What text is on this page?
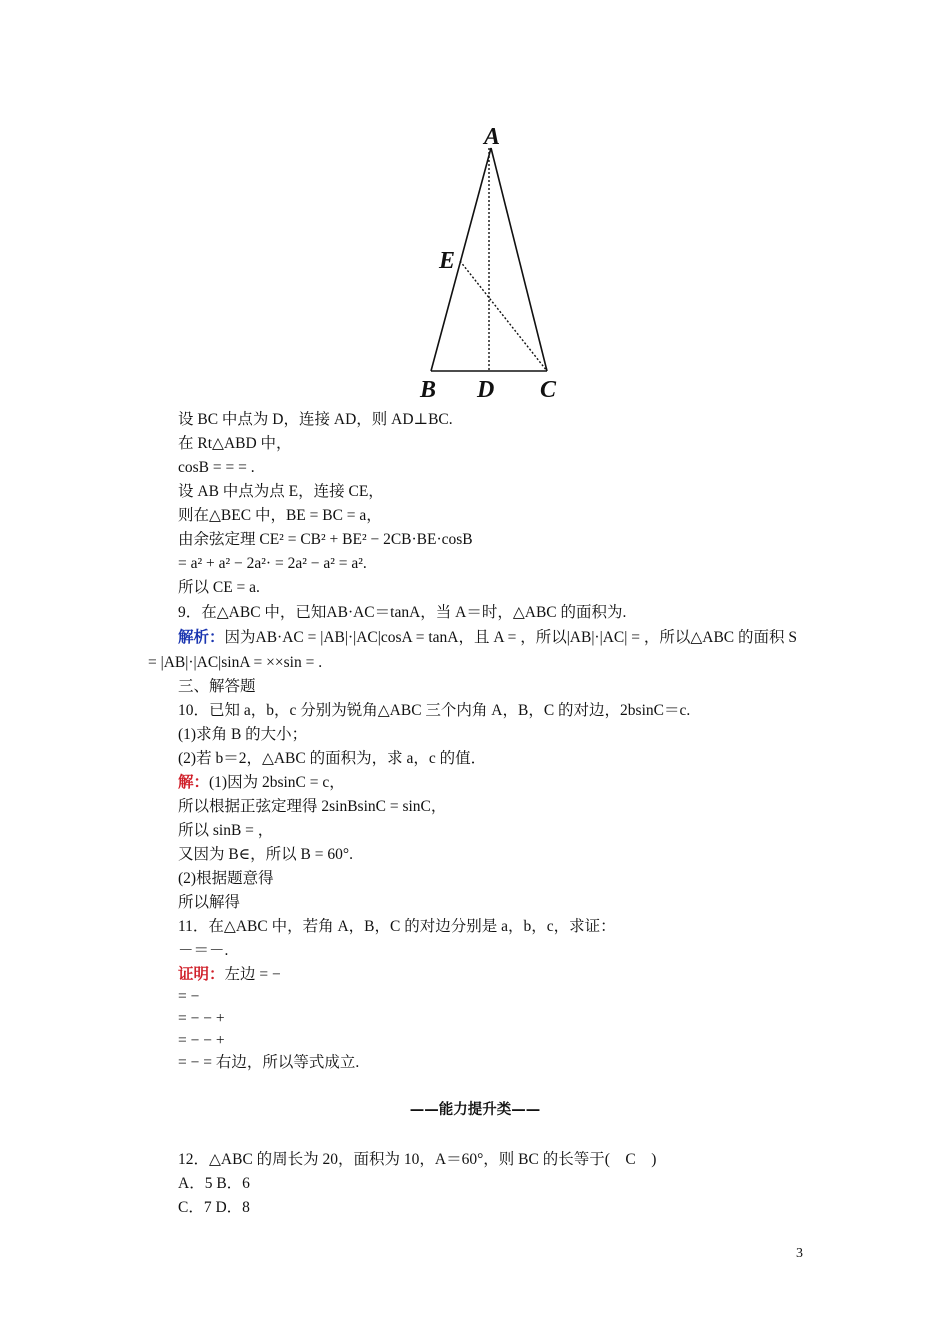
A
E
B D C
设 BC 中点为 D，连接 AD，则 AD⊥BC.
在 Rt△ABD 中，
cosB = = = .
设 AB 中点为点 E，连接 CE，
则在△BEC 中，BE = BC = a，
由余弦定理 CE² = CB² + BE² − 2CB·BE·cosB
= a² + a² − 2a²· = 2a² − a² = a².
所以 CE = a.
9．在△ABC 中，已知AB·AC＝tanA，当 A＝时，△ABC 的面积为.
解析：因为AB·AC = |AB|·|AC|cosA = tanA，且 A = ，所以|AB|·|AC| = ，所以△ABC 的面积 S
= |AB|·|AC|sinA = ××sin = .
三、解答题
10．已知 a，b，c 分别为锐角△ABC 三个内角 A，B，C 的对边，2bsinC＝c.
(1)求角 B 的大小；
(2)若 b＝2，△ABC 的面积为，求 a，c 的值．
解：(1)因为 2bsinC = c，
所以根据正弦定理得 2sinBsinC = sinC，
所以 sinB = ，
又因为 B∈，所以 B = 60°.
(2)根据题意得
所以解得
11．在△ABC 中，若角 A，B，C 的对边分别是 a，b，c，求证：
－＝－.
证明：左边 = −
= −
= − − +
= − − +
= − = 右边，所以等式成立.
——能力提升类——
12．△ABC 的周长为 20，面积为 10，A＝60°，则 BC 的长等于(　C　)
A．5 B．6
C．7 D．8
3
